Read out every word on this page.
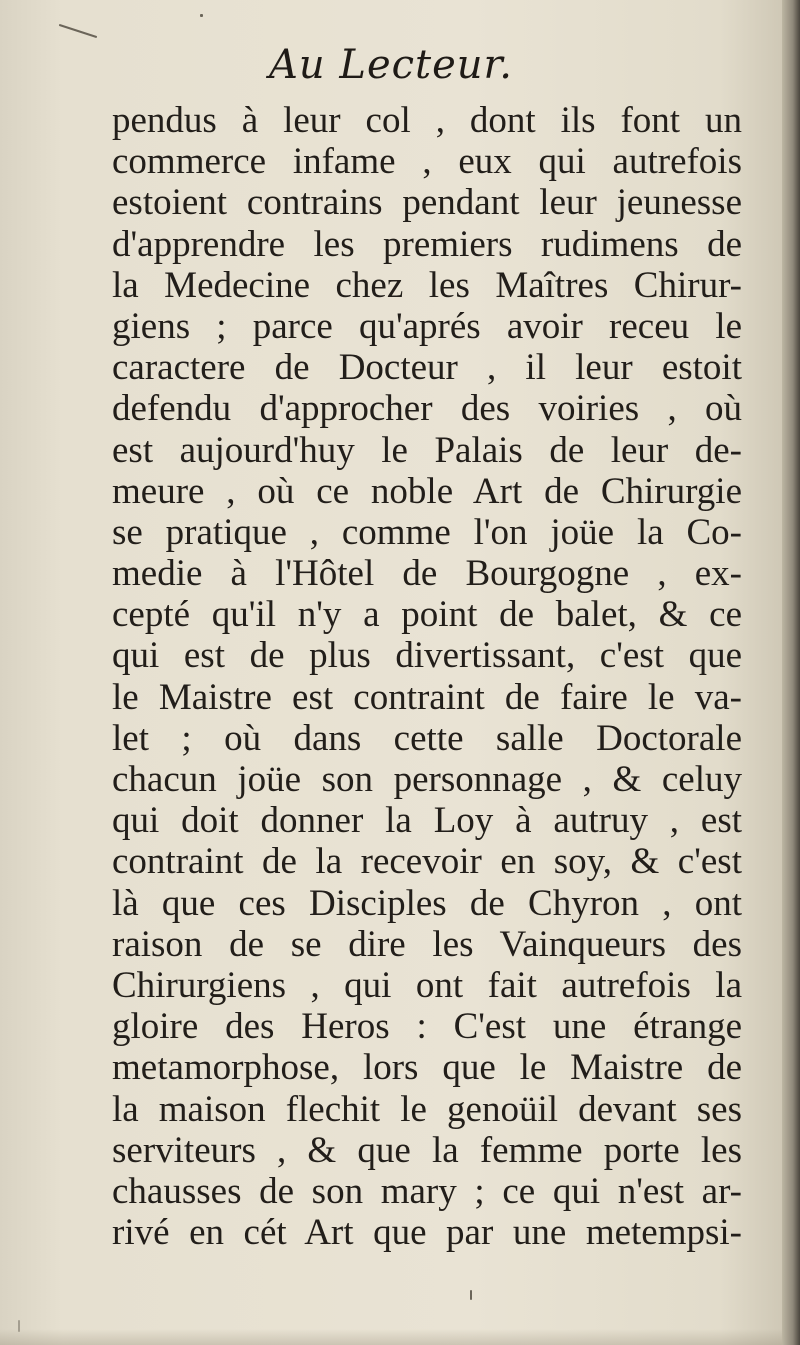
Au Lecteur.
pendus à leur col , dont ils font un
commerce infame , eux qui autrefois
estoient contrains pendant leur jeunesse
d'apprendre les premiers rudimens de
la Medecine chez les Maîtres Chirur-
giens ; parce qu'aprés avoir receu le
caractere de Docteur , il leur estoit
defendu d'approcher des voiries , où
est aujourd'huy le Palais de leur de-
meure , où ce noble Art de Chirurgie
se pratique , comme l'on joüe la Co-
medie à l'Hôtel de Bourgogne , ex-
cepté qu'il n'y a point de balet, & ce
qui est de plus divertissant, c'est que
le Maistre est contraint de faire le va-
let ; où dans cette salle Doctorale
chacun joüe son personnage , & celuy
qui doit donner la Loy à autruy , est
contraint de la recevoir en soy, & c'est
là que ces Disciples de Chyron , ont
raison de se dire les Vainqueurs des
Chirurgiens , qui ont fait autrefois la
gloire des Heros : C'est une étrange
metamorphose, lors que le Maistre de
la maison flechit le genoüil devant ses
serviteurs , & que la femme porte les
chausses de son mary ; ce qui n'est ar-
rivé en cét Art que par une metempsi-
